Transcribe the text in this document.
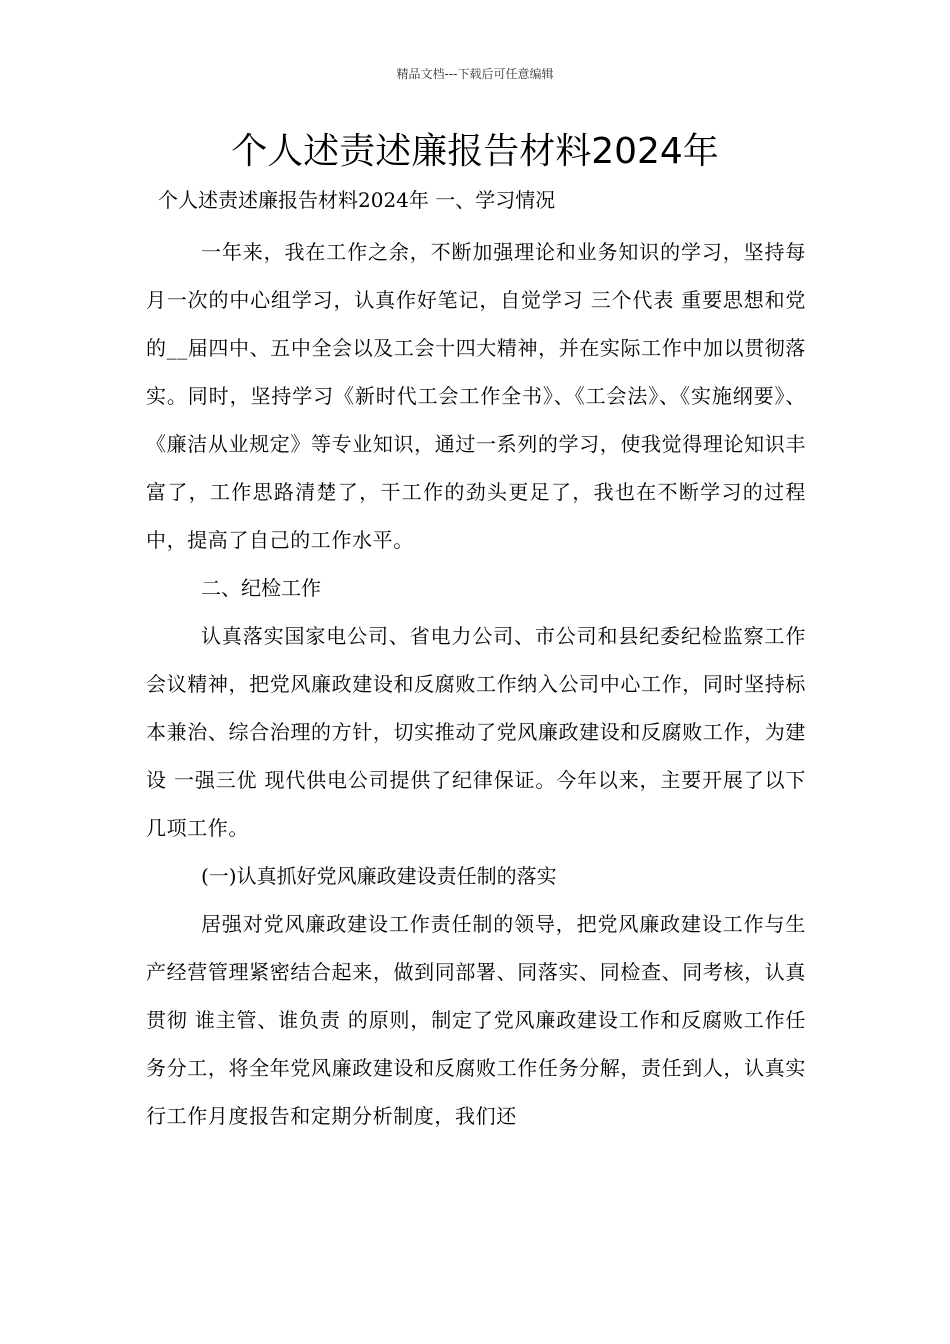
精品文档---下载后可任意编辑
个人述责述廉报告材料2024年
个人述责述廉报告材料2024年 一、学习情况

一年来，我在工作之余，不断加强理论和业务知识的学习，坚持每月一次的中心组学习，认真作好笔记，自觉学习 三个代表 重要思想和党的__届四中、五中全会以及工会十四大精神，并在实际工作中加以贯彻落实。同时，坚持学习《新时代工会工作全书》、《工会法》、《实施纲要》、《廉洁从业规定》等专业知识，通过一系列的学习，使我觉得理论知识丰富了，工作思路清楚了，干工作的劲头更足了，我也在不断学习的过程中，提高了自己的工作水平。

二、纪检工作

认真落实国家电公司、省电力公司、市公司和县纪委纪检监察工作会议精神，把党风廉政建设和反腐败工作纳入公司中心工作，同时坚持标本兼治、综合治理的方针，切实推动了党风廉政建设和反腐败工作，为建设 一强三优 现代供电公司提供了纪律保证。今年以来，主要开展了以下几项工作。

(一)认真抓好党风廉政建设责任制的落实

居强对党风廉政建设工作责任制的领导，把党风廉政建设工作与生产经营管理紧密结合起来，做到同部署、同落实、同检查、同考核，认真贯彻 谁主管、谁负责 的原则，制定了党风廉政建设工作和反腐败工作任务分工，将全年党风廉政建设和反腐败工作任务分解，责任到人，认真实行工作月度报告和定期分析制度，我们还
